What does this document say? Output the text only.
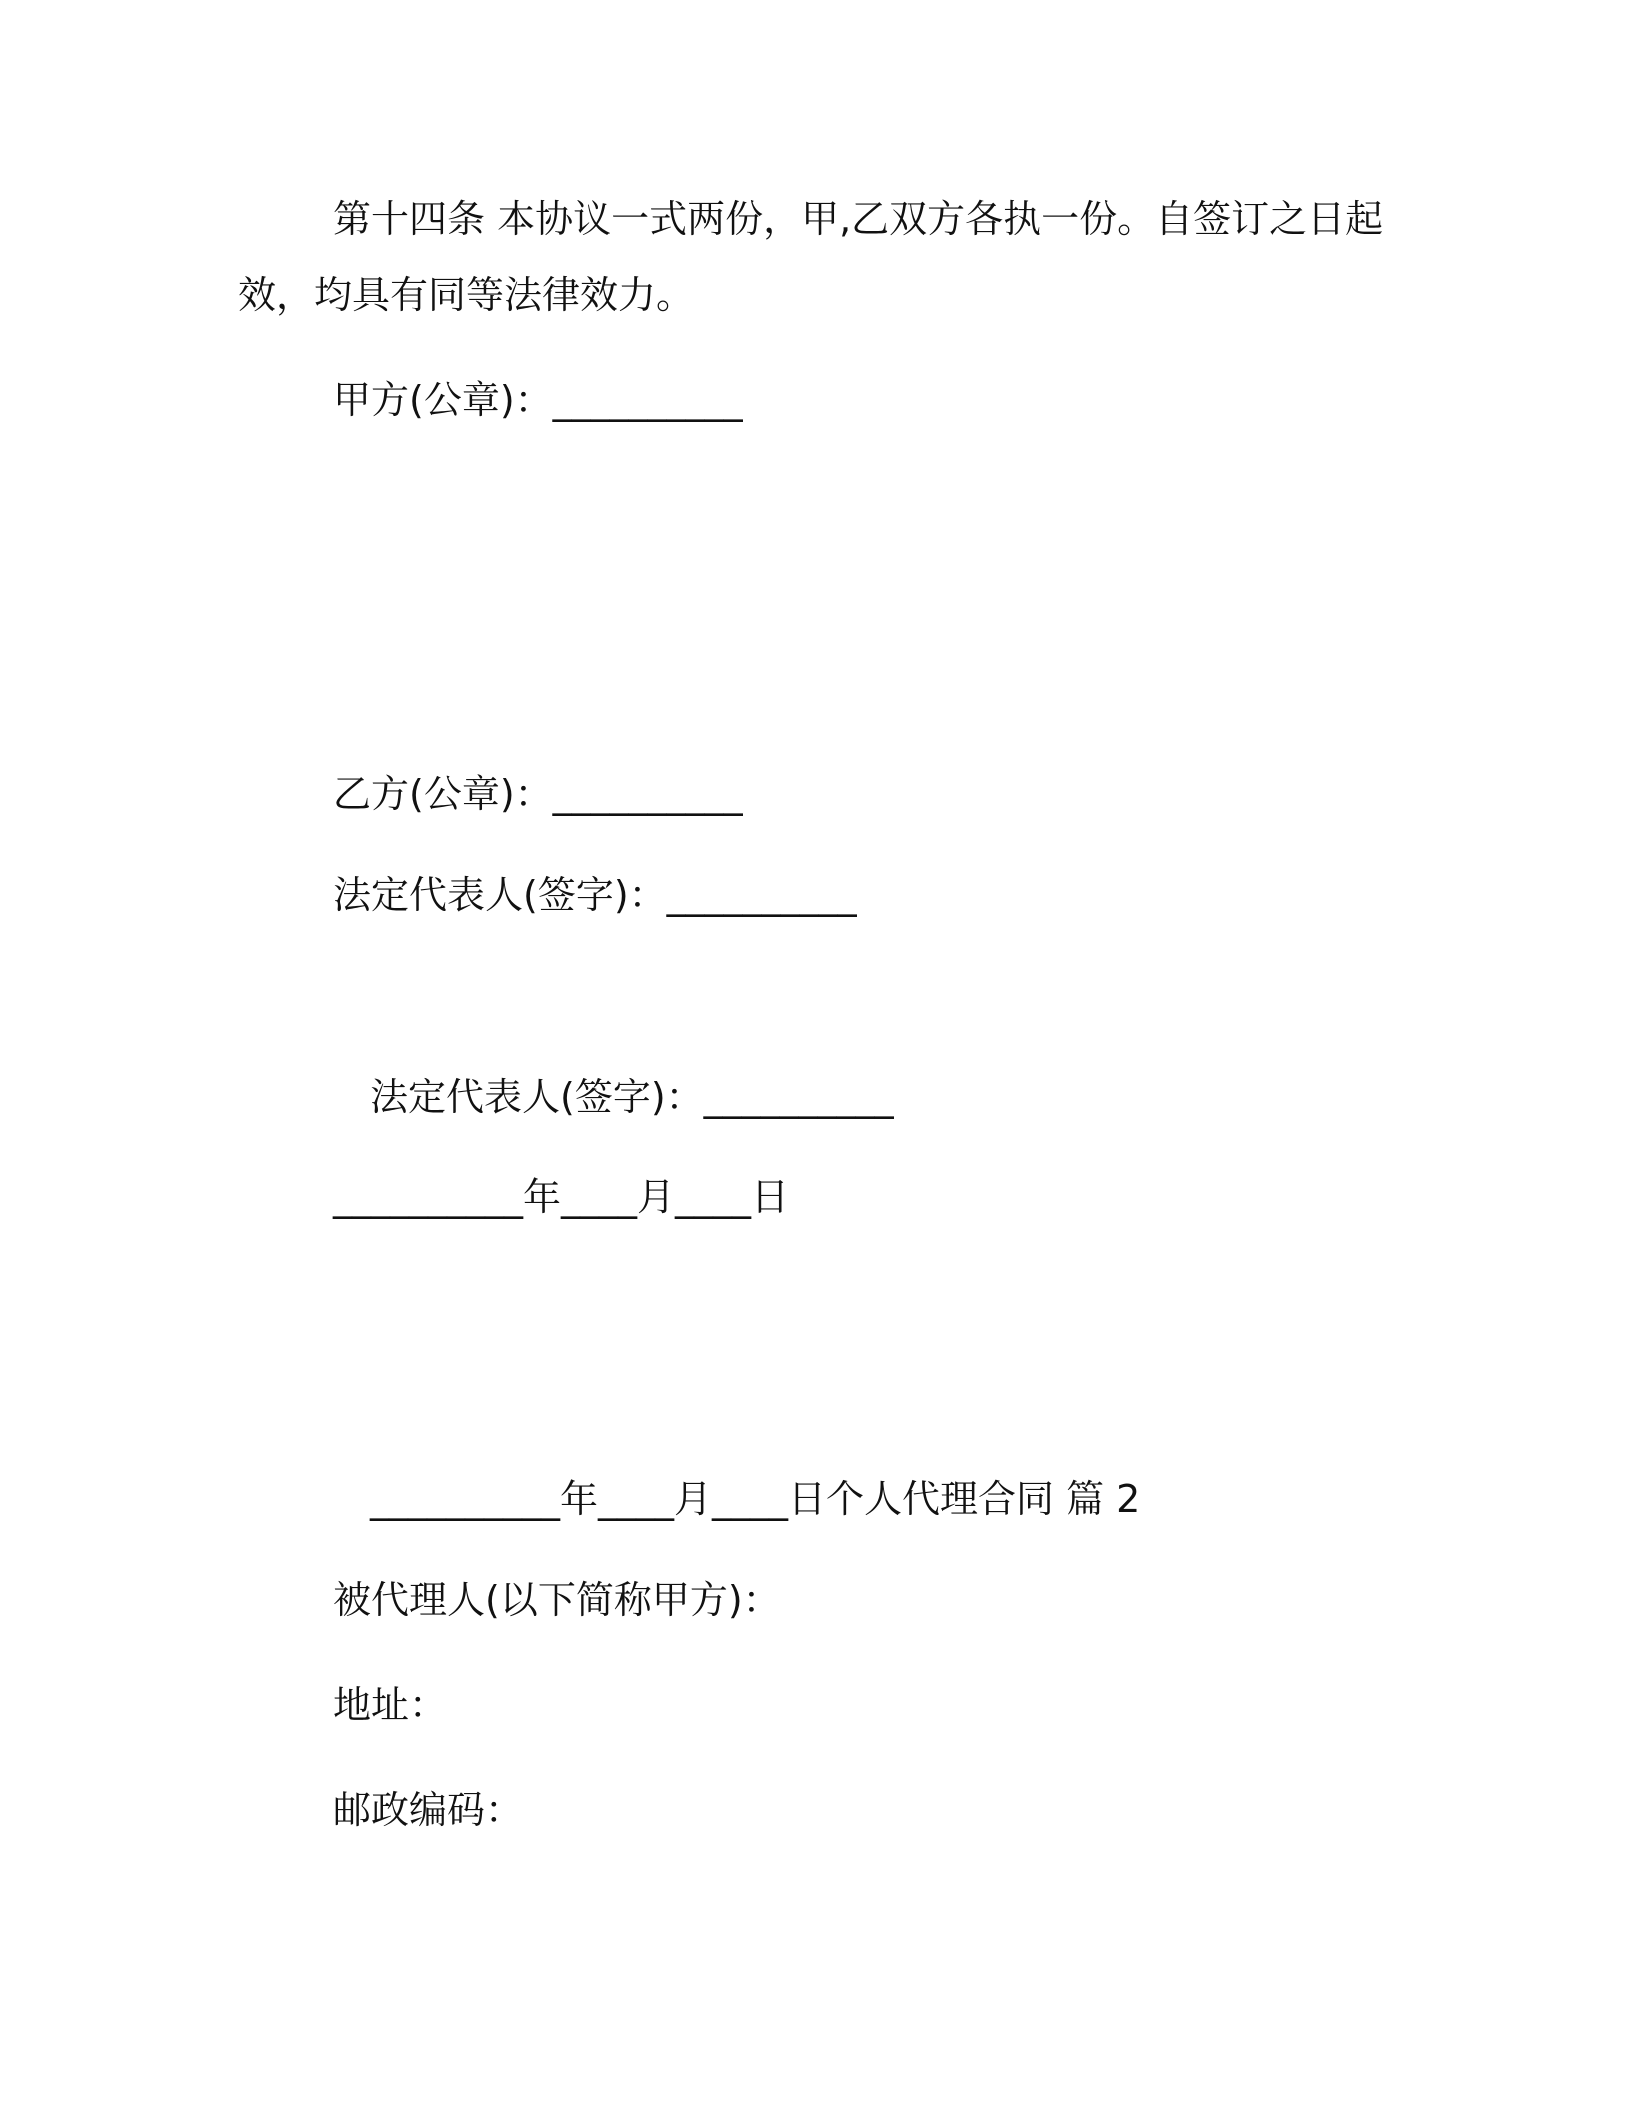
第十四条 本协议一式两份，甲,乙双方各执一份。自签订之日起
效，均具有同等法律效力。
甲方(公章)：__________
乙方(公章)：__________
法定代表人(签字)：__________
法定代表人(签字)：__________
__________年____月____日
__________年____月____日个人代理合同 篇 2
被代理人(以下简称甲方)：
地址：
邮政编码：
